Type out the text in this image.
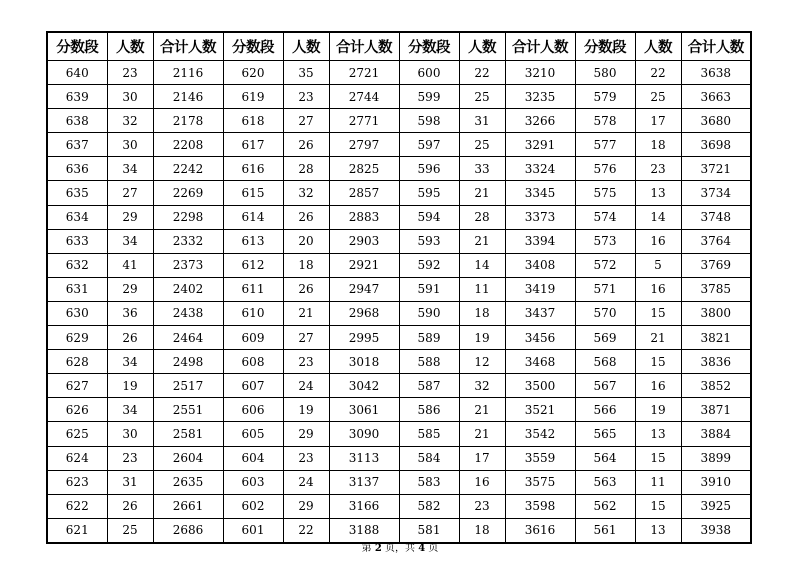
分数段	人数	合计人数	分数段	人数	合计人数	分数段	人数	合计人数	分数段	人数	合计人数
640	23	2116	620	35	2721	600	22	3210	580	22	3638
639	30	2146	619	23	2744	599	25	3235	579	25	3663
638	32	2178	618	27	2771	598	31	3266	578	17	3680
637	30	2208	617	26	2797	597	25	3291	577	18	3698
636	34	2242	616	28	2825	596	33	3324	576	23	3721
635	27	2269	615	32	2857	595	21	3345	575	13	3734
634	29	2298	614	26	2883	594	28	3373	574	14	3748
633	34	2332	613	20	2903	593	21	3394	573	16	3764
632	41	2373	612	18	2921	592	14	3408	572	5	3769
631	29	2402	611	26	2947	591	11	3419	571	16	3785
630	36	2438	610	21	2968	590	18	3437	570	15	3800
629	26	2464	609	27	2995	589	19	3456	569	21	3821
628	34	2498	608	23	3018	588	12	3468	568	15	3836
627	19	2517	607	24	3042	587	32	3500	567	16	3852
626	34	2551	606	19	3061	586	21	3521	566	19	3871
625	30	2581	605	29	3090	585	21	3542	565	13	3884
624	23	2604	604	23	3113	584	17	3559	564	15	3899
623	31	2635	603	24	3137	583	16	3575	563	11	3910
622	26	2661	602	29	3166	582	23	3598	562	15	3925
621	25	2686	601	22	3188	581	18	3616	561	13	3938
第 2 页，共 4 页
